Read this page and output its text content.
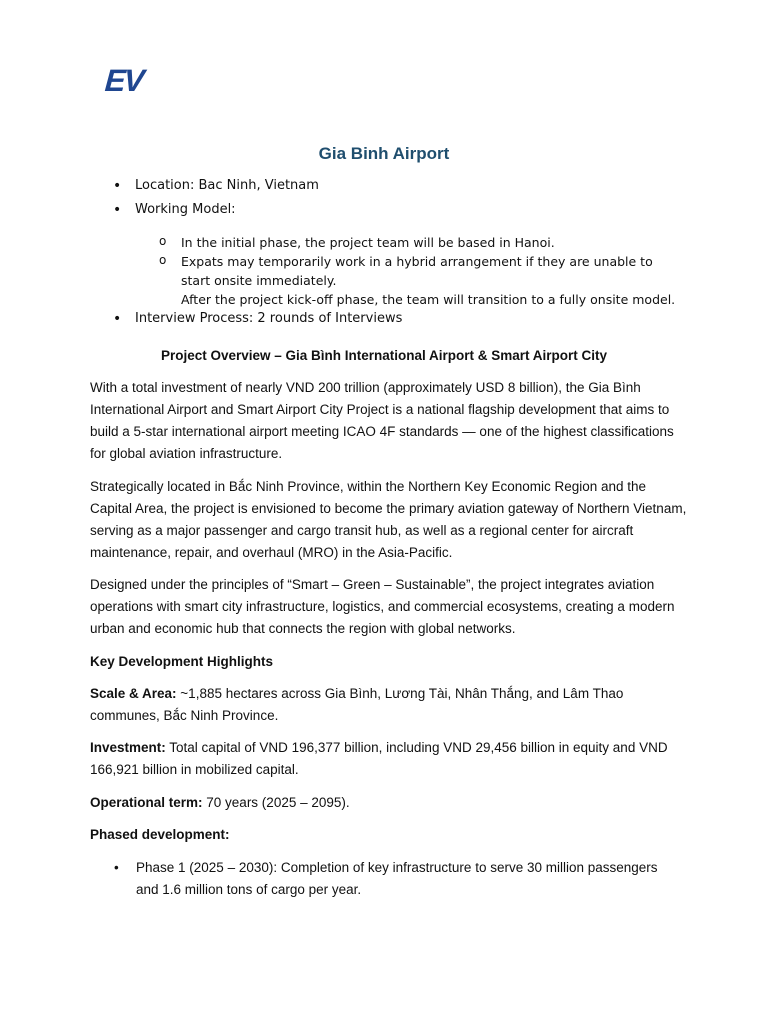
EV
Gia Binh Airport
• Location: Bac Ninh, Vietnam
• Working Model:
o In the initial phase, the project team will be based in Hanoi.
o Expats may temporarily work in a hybrid arrangement if they are unable to start onsite immediately.
After the project kick-off phase, the team will transition to a fully onsite model.
• Interview Process: 2 rounds of Interviews
Project Overview – Gia Bình International Airport & Smart Airport City
With a total investment of nearly VND 200 trillion (approximately USD 8 billion), the Gia Bình International Airport and Smart Airport City Project is a national flagship development that aims to build a 5-star international airport meeting ICAO 4F standards — one of the highest classifications for global aviation infrastructure.
Strategically located in Bắc Ninh Province, within the Northern Key Economic Region and the Capital Area, the project is envisioned to become the primary aviation gateway of Northern Vietnam, serving as a major passenger and cargo transit hub, as well as a regional center for aircraft maintenance, repair, and overhaul (MRO) in the Asia-Pacific.
Designed under the principles of “Smart – Green – Sustainable”, the project integrates aviation operations with smart city infrastructure, logistics, and commercial ecosystems, creating a modern urban and economic hub that connects the region with global networks.
Key Development Highlights
Scale & Area: ~1,885 hectares across Gia Bình, Lương Tài, Nhân Thắng, and Lâm Thao communes, Bắc Ninh Province.
Investment: Total capital of VND 196,377 billion, including VND 29,456 billion in equity and VND 166,921 billion in mobilized capital.
Operational term: 70 years (2025 – 2095).
Phased development:
• Phase 1 (2025 – 2030): Completion of key infrastructure to serve 30 million passengers and 1.6 million tons of cargo per year.
